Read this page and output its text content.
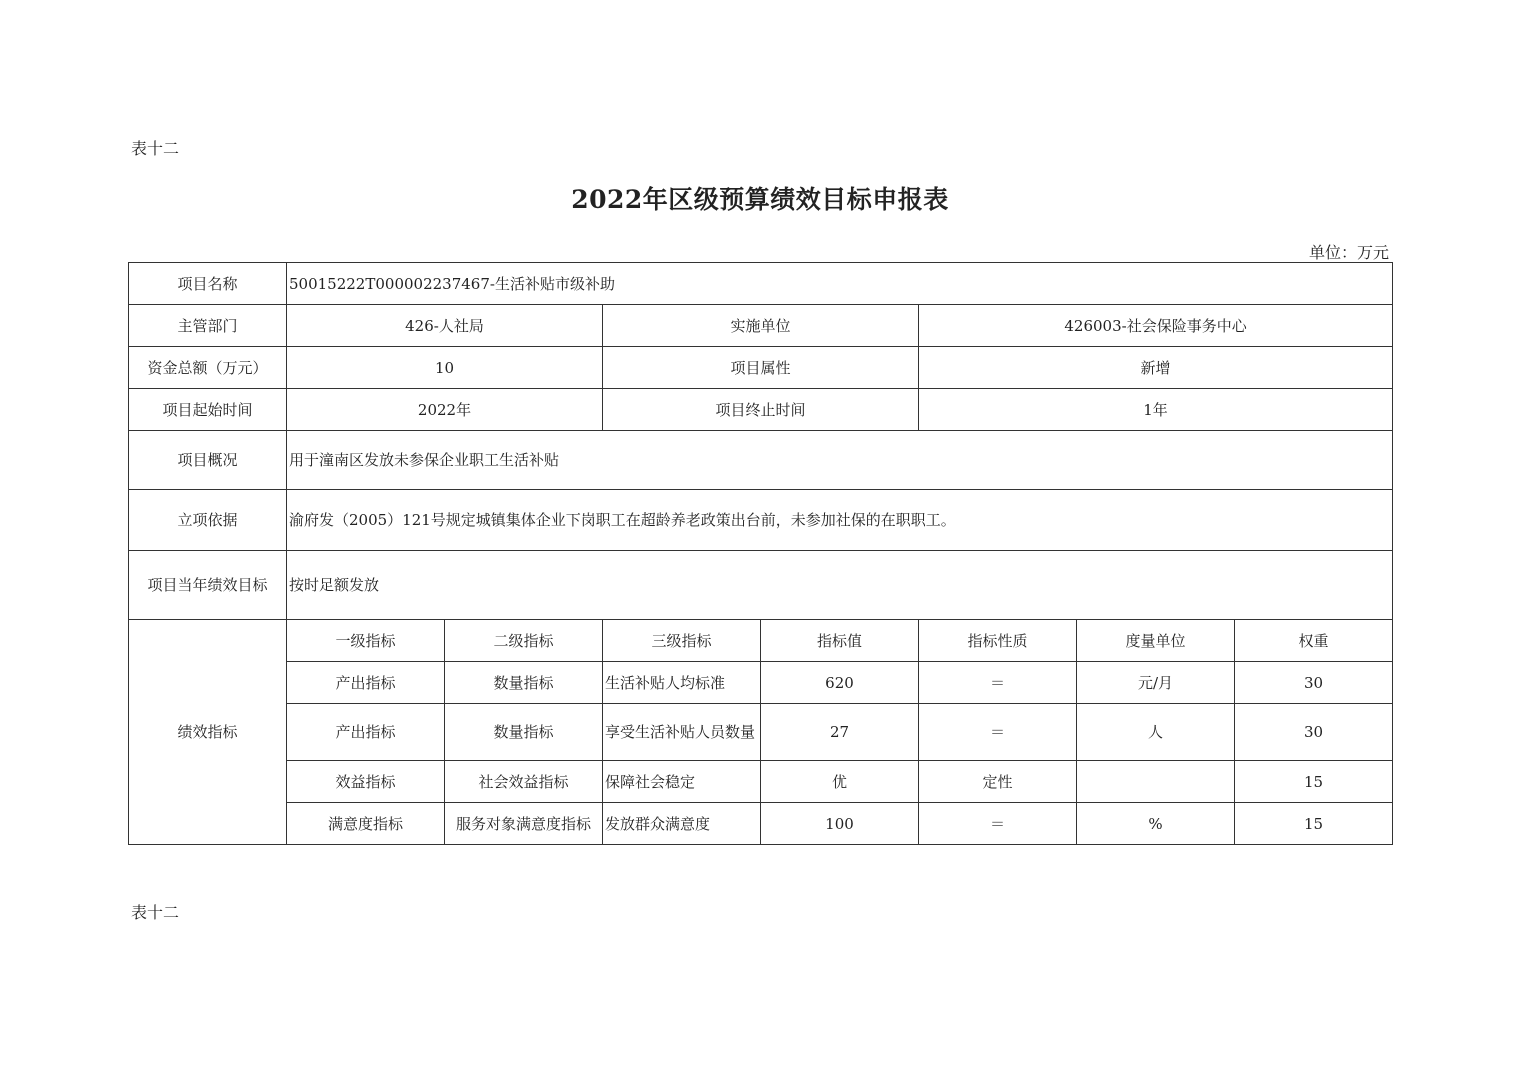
表十二
2022年区级预算绩效目标申报表
单位：万元
项目名称	50015222T000002237467-生活补贴市级补助						
主管部门	426-人社局		实施单位		426003-社会保险事务中心		
资金总额（万元）	10		项目属性		新增		
项目起始时间	2022年		项目终止时间		1年		
项目概况	用于潼南区发放未参保企业职工生活补贴						
立项依据	渝府发（2005）121号规定城镇集体企业下岗职工在超龄养老政策出台前，未参加社保的在职职工。						
项目当年绩效目标	按时足额发放						
绩效指标	一级指标	二级指标	三级指标	指标值	指标性质	度量单位	权重
	产出指标	数量指标	生活补贴人均标准	620	＝	元/月	30
	产出指标	数量指标	享受生活补贴人员数量	27	＝	人	30
	效益指标	社会效益指标	保障社会稳定	优	定性		15
	满意度指标	服务对象满意度指标	发放群众满意度	100	＝	%	15
表十二
